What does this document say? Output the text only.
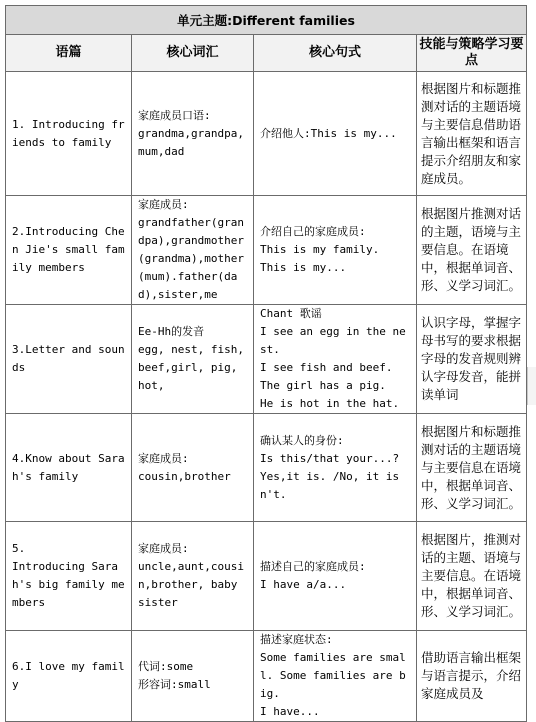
单元主题:Different families			
语篇	核心词汇	核心句式	技能与策略学习要点
1. Introducing friends to family	家庭成员口语:
grandma,grandpa,mum,dad	介绍他人:This is my...	根据图片和标题推测对话的主题语境与主要信息借助语言输出框架和语言提示介绍朋友和家庭成员。
2.Introducing Chen Jie's small family members	家庭成员:
grandfather(grandpa),grandmother(grandma),mother(mum).father(dad),sister,me	介绍自己的家庭成员:
This is my family.
This is my...	根据图片推测对话的主题，语境与主要信息。在语境中，根据单词音、形、义学习词汇。
3.Letter and sounds	Ee-Hh的发音
egg, nest, fish,beef,girl, pig, hot,	Chant 歌谣
I see an egg in the nest.
I see fish and beef.
The girl has a pig.
He is hot in the hat.	认识字母，掌握字母书写的要求根据字母的发音规则辨认字母发音，能拼读单词
4.Know about Sarah's family	家庭成员:
cousin,brother	确认某人的身份:
Is this/that your...?
Yes,it is. /No, it isn't.	根据图片和标题推测对话的主题语境与主要信息在语境中，根据单词音、形、义学习词汇。
5.
Introducing Sarah's big family members	家庭成员:
uncle,aunt,cousin,brother, baby sister	描述自己的家庭成员:
I have a/a...	根据图片，推测对话的主题、语境与主要信息。在语境中，根据单词音、形、义学习词汇。
6.I love my family	代词:some
形容词:small	描述家庭状态:
Some families are small. Some families are big.
I have...	借助语言输出框架与语言提示，介绍家庭成员及
